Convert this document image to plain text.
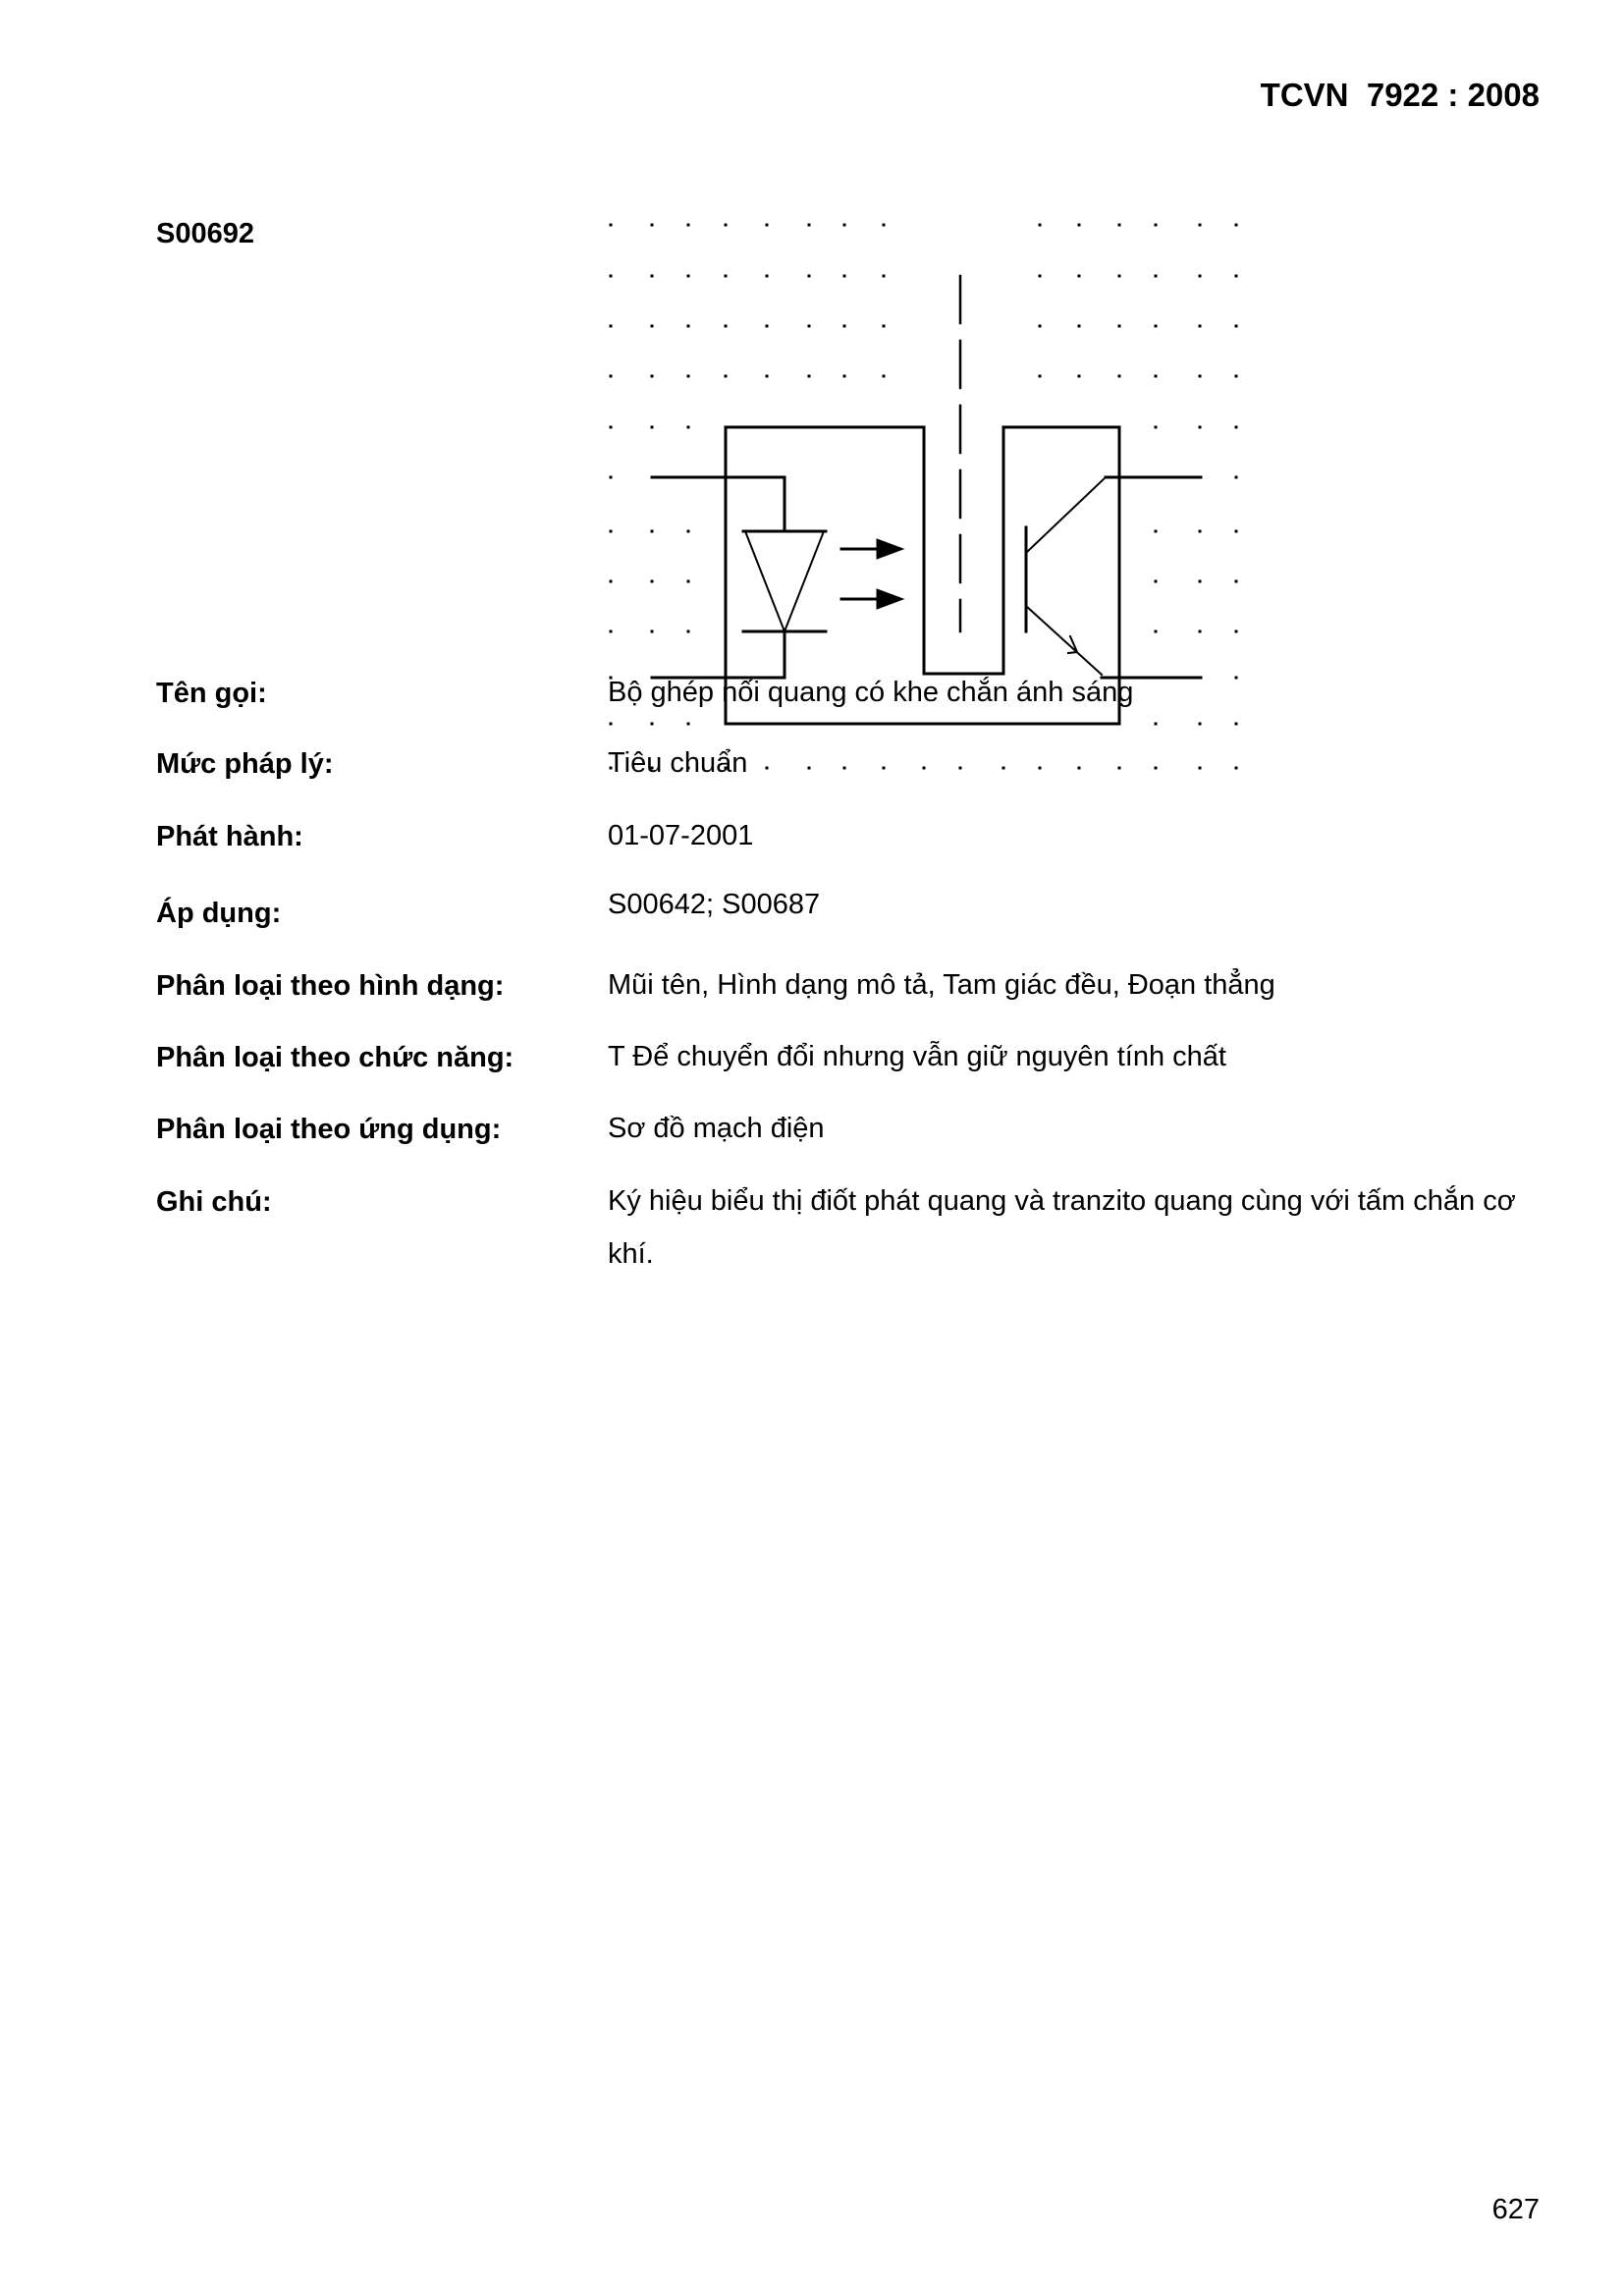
TCVN  7922 : 2008
S00692
Tên gọi:	Bộ ghép nối quang có khe chắn ánh sáng
Mức pháp lý:	Tiêu chuẩn
Phát hành:	01-07-2001
Áp dụng:	S00642; S00687
Phân loại theo hình dạng:	Mũi tên, Hình dạng mô tả, Tam giác đều, Đoạn thẳng
Phân loại theo chức năng:	T Để chuyển đổi nhưng vẫn giữ nguyên tính chất
Phân loại theo ứng dụng:	Sơ đồ mạch điện
Ghi chú:	Ký hiệu biểu thị điốt phát quang và tranzito quang cùng với tấm chắn cơ khí.
627
